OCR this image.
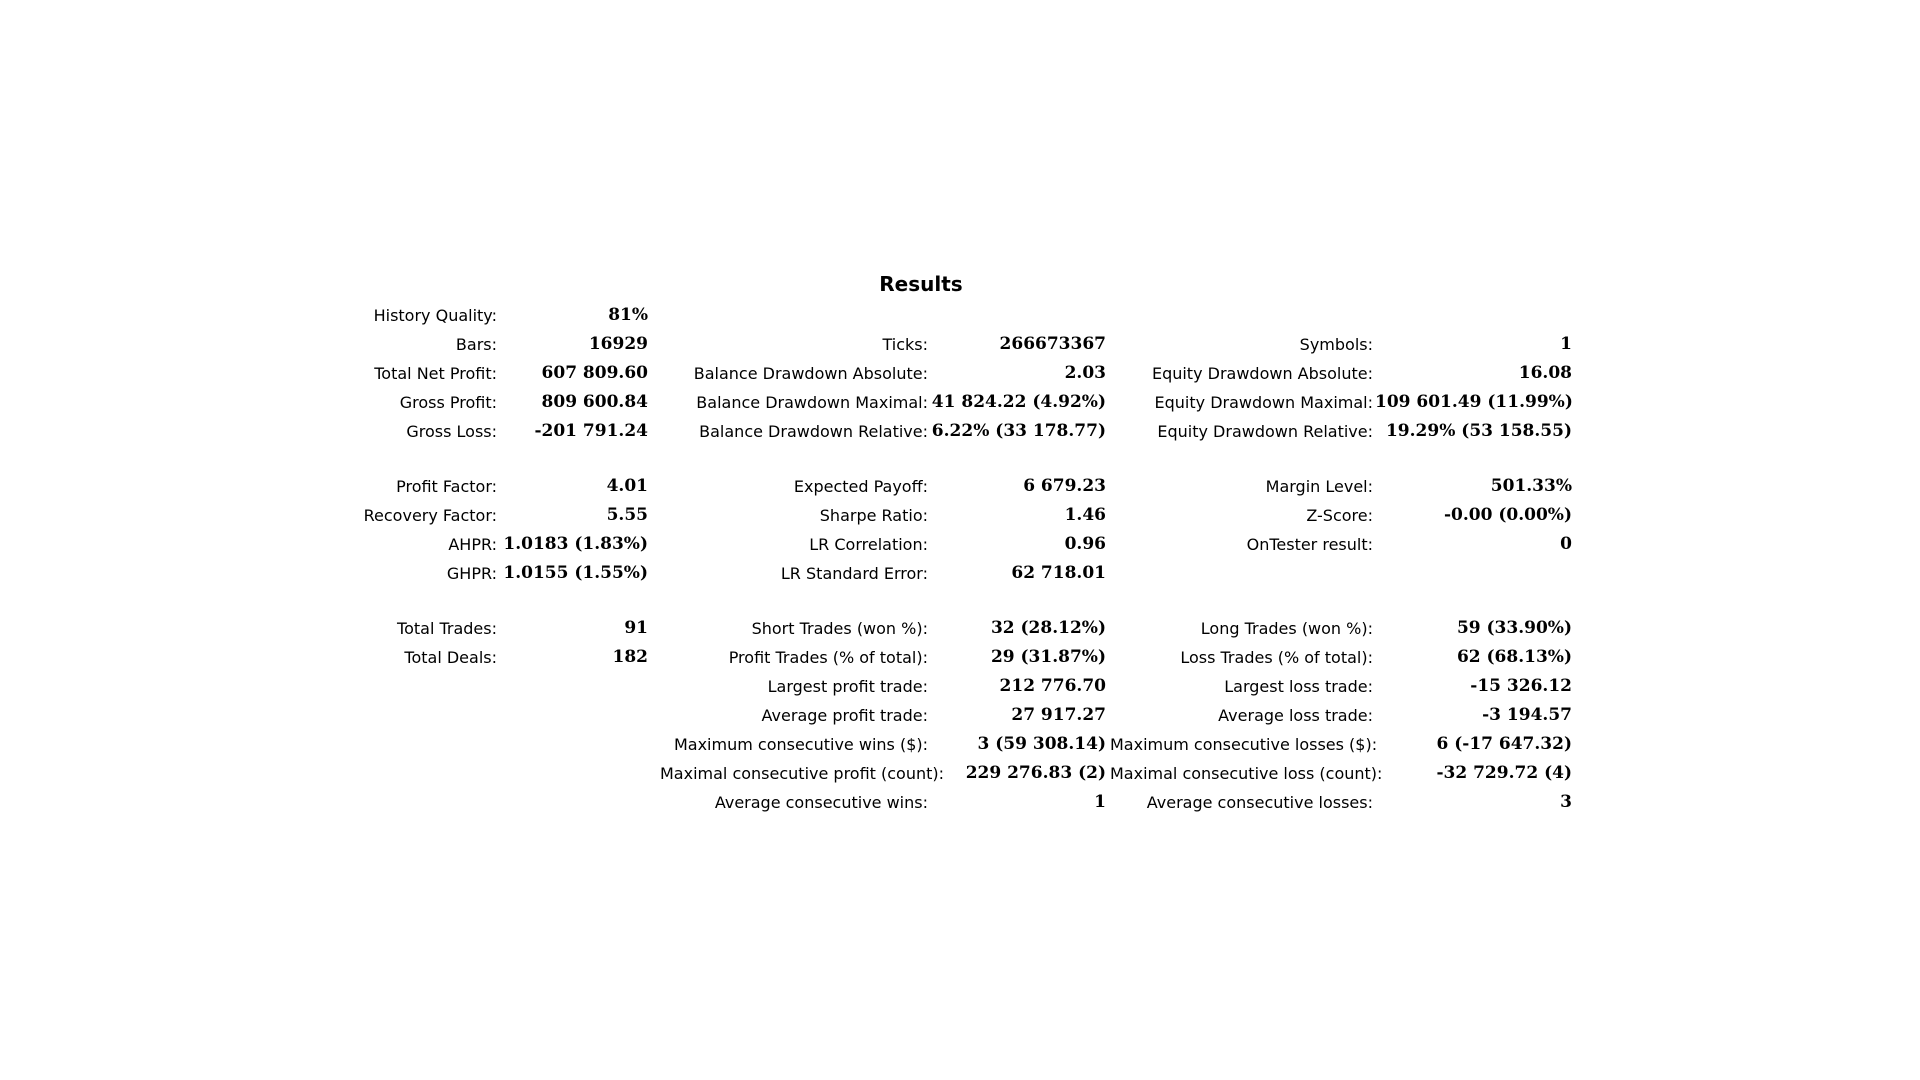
Results
History Quality:	81%
Bars:	16929
Total Net Profit:	607 809.60
Gross Profit:	809 600.84
Gross Loss:	-201 791.24
Profit Factor:	4.01
Recovery Factor:	5.55
AHPR: 1.0183 (1.83%)
GHPR: 1.0155 (1.55%)
Total Trades:	91
Total Deals:	182
Ticks:	266673367
Balance Drawdown Absolute:	2.03
Balance Drawdown Maximal: 41 824.22 (4.92%)
Balance Drawdown Relative: 6.22% (33 178.77)
Expected Payoff:	6 679.23
Sharpe Ratio:	1.46
LR Correlation:	0.96
LR Standard Error:	62 718.01
Short Trades (won %):	32 (28.12%)
Profit Trades (% of total):	29 (31.87%)
Largest profit trade:	212 776.70
Average profit trade:	27 917.27
Maximum consecutive wins ($):	3 (59 308.14)
Maximal consecutive profit (count):	229 276.83 (2)
Average consecutive wins:	1
Symbols:	1
Equity Drawdown Absolute:	16.08
Equity Drawdown Maximal: 109 601.49 (11.99%)
Equity Drawdown Relative: 19.29% (53 158.55)
Margin Level:	501.33%
Z-Score:	-0.00 (0.00%)
OnTester result:	0
Long Trades (won %):	59 (33.90%)
Loss Trades (% of total):	62 (68.13%)
Largest loss trade:	-15 326.12
Average loss trade:	-3 194.57
Maximum consecutive losses ($):	6 (-17 647.32)
Maximal consecutive loss (count):	-32 729.72 (4)
Average consecutive losses:	3
